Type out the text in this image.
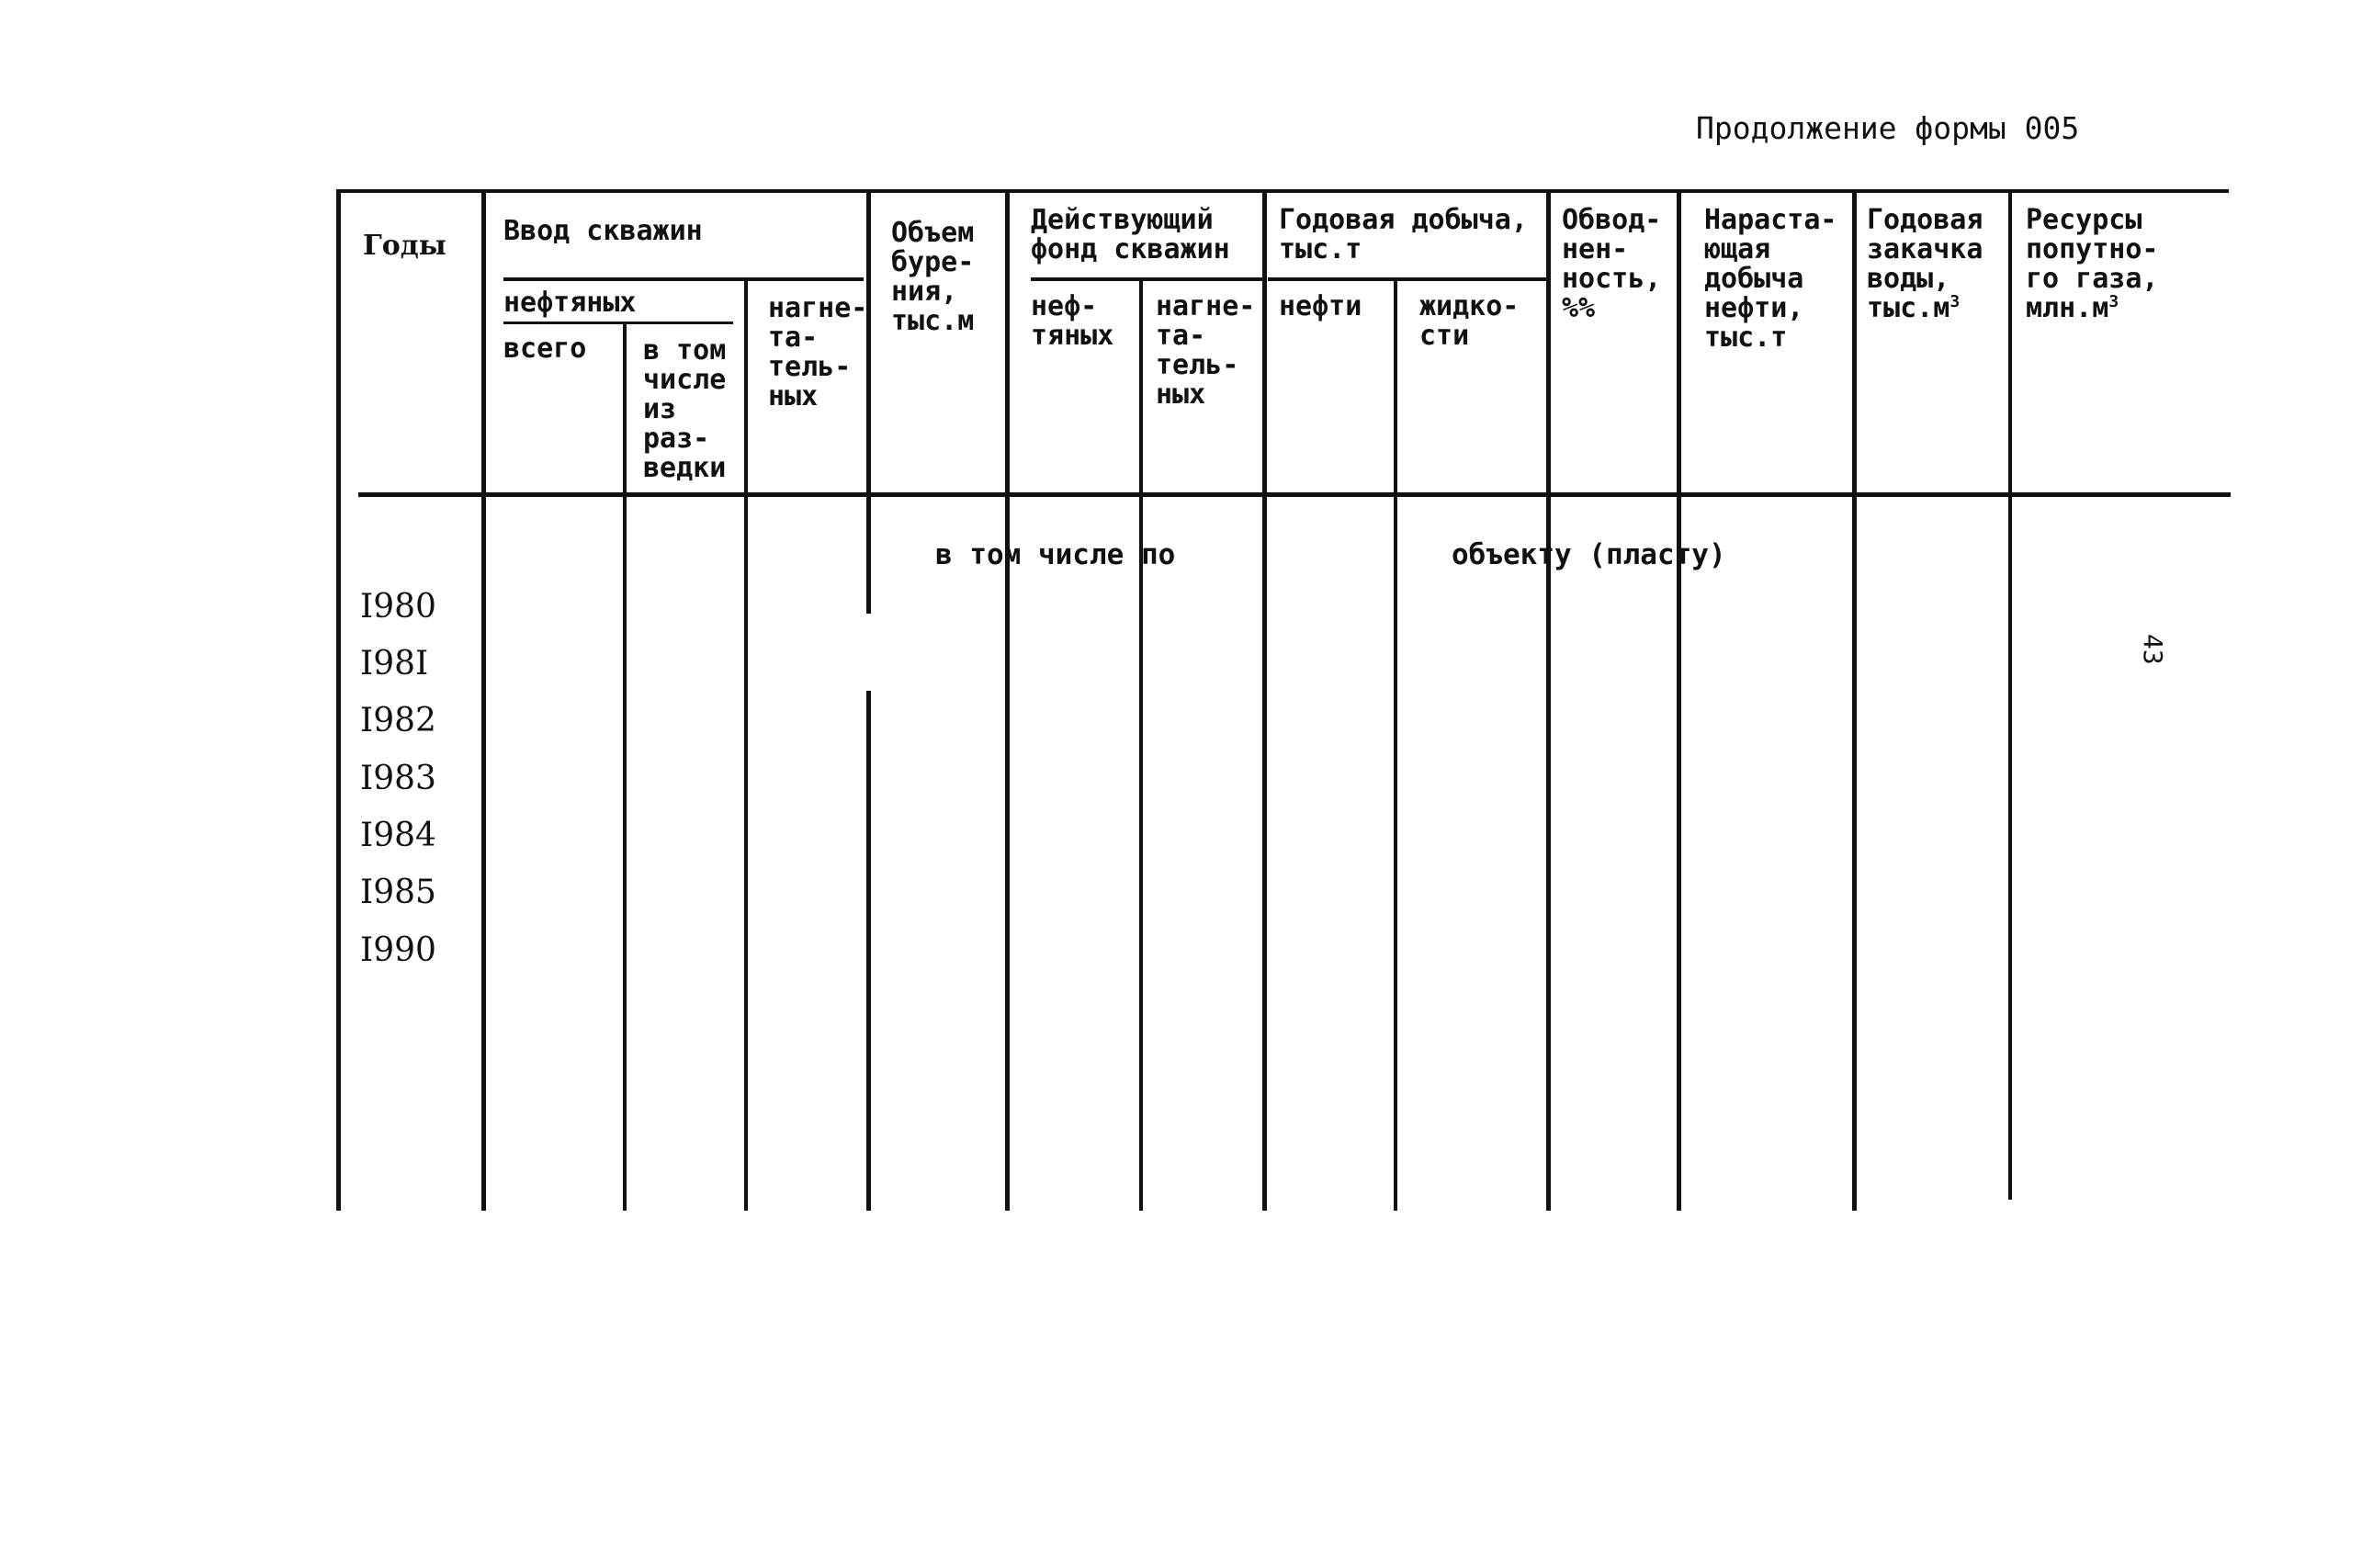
Продолжение формы 005
43
Годы Ввод скважин
нефтяных
всего в том
числе
из
раз-
ведки
нагне-
та-
тель-
ных
Объем
буре-
ния,
тыс.м
Действующий
фонд скважин
неф-
тяных
нагне-
та-
тель-
ных
Годовая добыча,
тыс.т
нефти жидко-
сти
Обвод-
нен-
ность,
%%
Нараста-
ющая
добыча
нефти,
тыс.т
Годовая
закачка
воды,
$тыс.м^3$
Ресурсы
попутно-
го газа,
$млн.м^3$
в том числе по	объекту (пласту)
I980
I98I
I982
I983
I984
I985
I990
